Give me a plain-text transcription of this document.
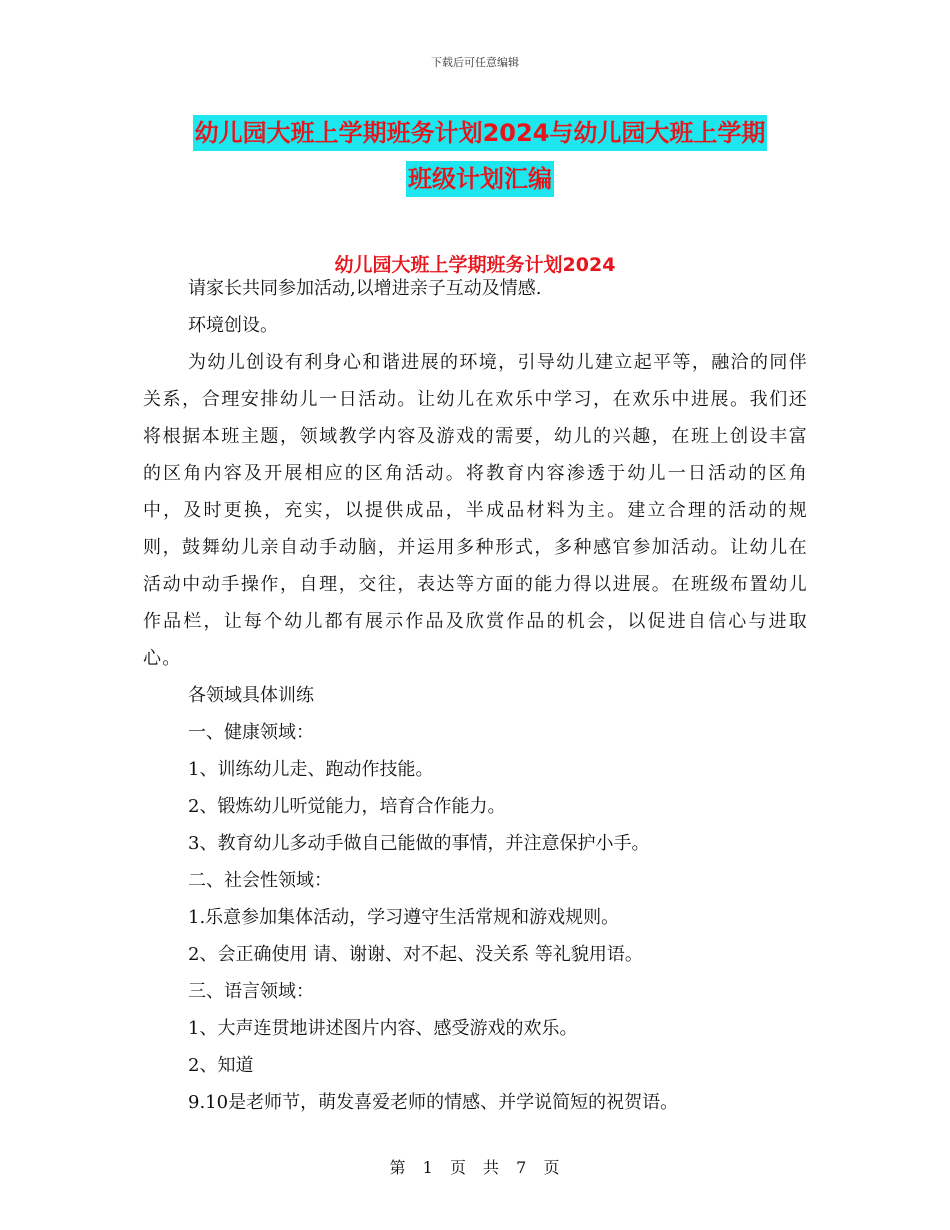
下载后可任意编辑
幼儿园大班上学期班务计划2024与幼儿园大班上学期
班级计划汇编
幼儿园大班上学期班务计划2024
请家长共同参加活动,以增进亲子互动及情感.
环境创设。
为幼儿创设有利身心和谐进展的环境，引导幼儿建立起平等，融洽的同伴关系，合理安排幼儿一日活动。让幼儿在欢乐中学习，在欢乐中进展。我们还将根据本班主题，领域教学内容及游戏的需要，幼儿的兴趣，在班上创设丰富的区角内容及开展相应的区角活动。将教育内容渗透于幼儿一日活动的区角中，及时更换，充实，以提供成品，半成品材料为主。建立合理的活动的规则，鼓舞幼儿亲自动手动脑，并运用多种形式，多种感官参加活动。让幼儿在活动中动手操作，自理，交往，表达等方面的能力得以进展。在班级布置幼儿作品栏，让每个幼儿都有展示作品及欣赏作品的机会，以促进自信心与进取心。
各领域具体训练
一、健康领域：
1、训练幼儿走、跑动作技能。
2、锻炼幼儿听觉能力，培育合作能力。
3、教育幼儿多动手做自己能做的事情，并注意保护小手。
二、社会性领域：
1.乐意参加集体活动，学习遵守生活常规和游戏规则。
2、会正确使用 请、谢谢、对不起、没关系 等礼貌用语。
三、语言领域：
1、大声连贯地讲述图片内容、感受游戏的欢乐。
2、知道
9.10是老师节，萌发喜爱老师的情感、并学说简短的祝贺语。
第 1 页 共 7 页
